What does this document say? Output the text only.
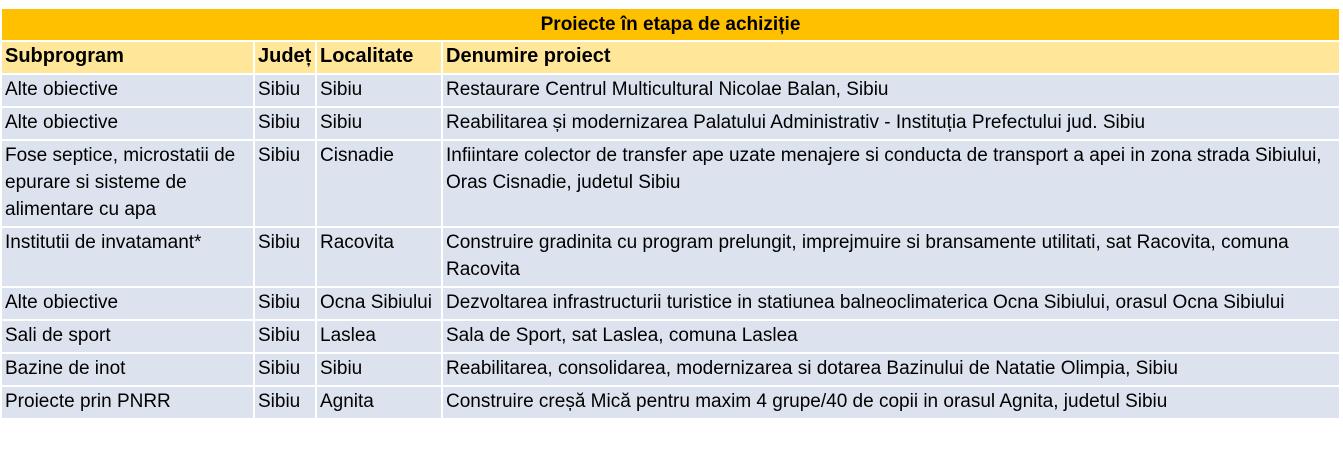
Proiecte în etapa de achiziție			
Subprogram	Județ	Localitate	Denumire proiect
Alte obiective	Sibiu	Sibiu	Restaurare Centrul Multicultural Nicolae Balan, Sibiu
Alte obiective	Sibiu	Sibiu	Reabilitarea și modernizarea Palatului Administrativ - Instituția Prefectului jud. Sibiu
Fose septice, microstatii de epurare si sisteme de alimentare cu apa	Sibiu	Cisnadie	Infiintare colector de transfer ape uzate menajere si conducta de transport a apei in zona strada Sibiului, Oras Cisnadie, judetul Sibiu
Institutii de invatamant*	Sibiu	Racovita	Construire gradinita cu program prelungit, imprejmuire si bransamente utilitati, sat Racovita, comuna Racovita
Alte obiective	Sibiu	Ocna Sibiului	Dezvoltarea infrastructurii turistice in statiunea balneoclimaterica Ocna Sibiului, orasul Ocna Sibiului
Sali de sport	Sibiu	Laslea	Sala de Sport, sat Laslea, comuna Laslea
Bazine de inot	Sibiu	Sibiu	Reabilitarea, consolidarea, modernizarea si dotarea Bazinului de Natatie Olimpia, Sibiu
Proiecte prin PNRR	Sibiu	Agnita	Construire creșă Mică pentru maxim 4 grupe/40 de copii in orasul Agnita, judetul Sibiu
